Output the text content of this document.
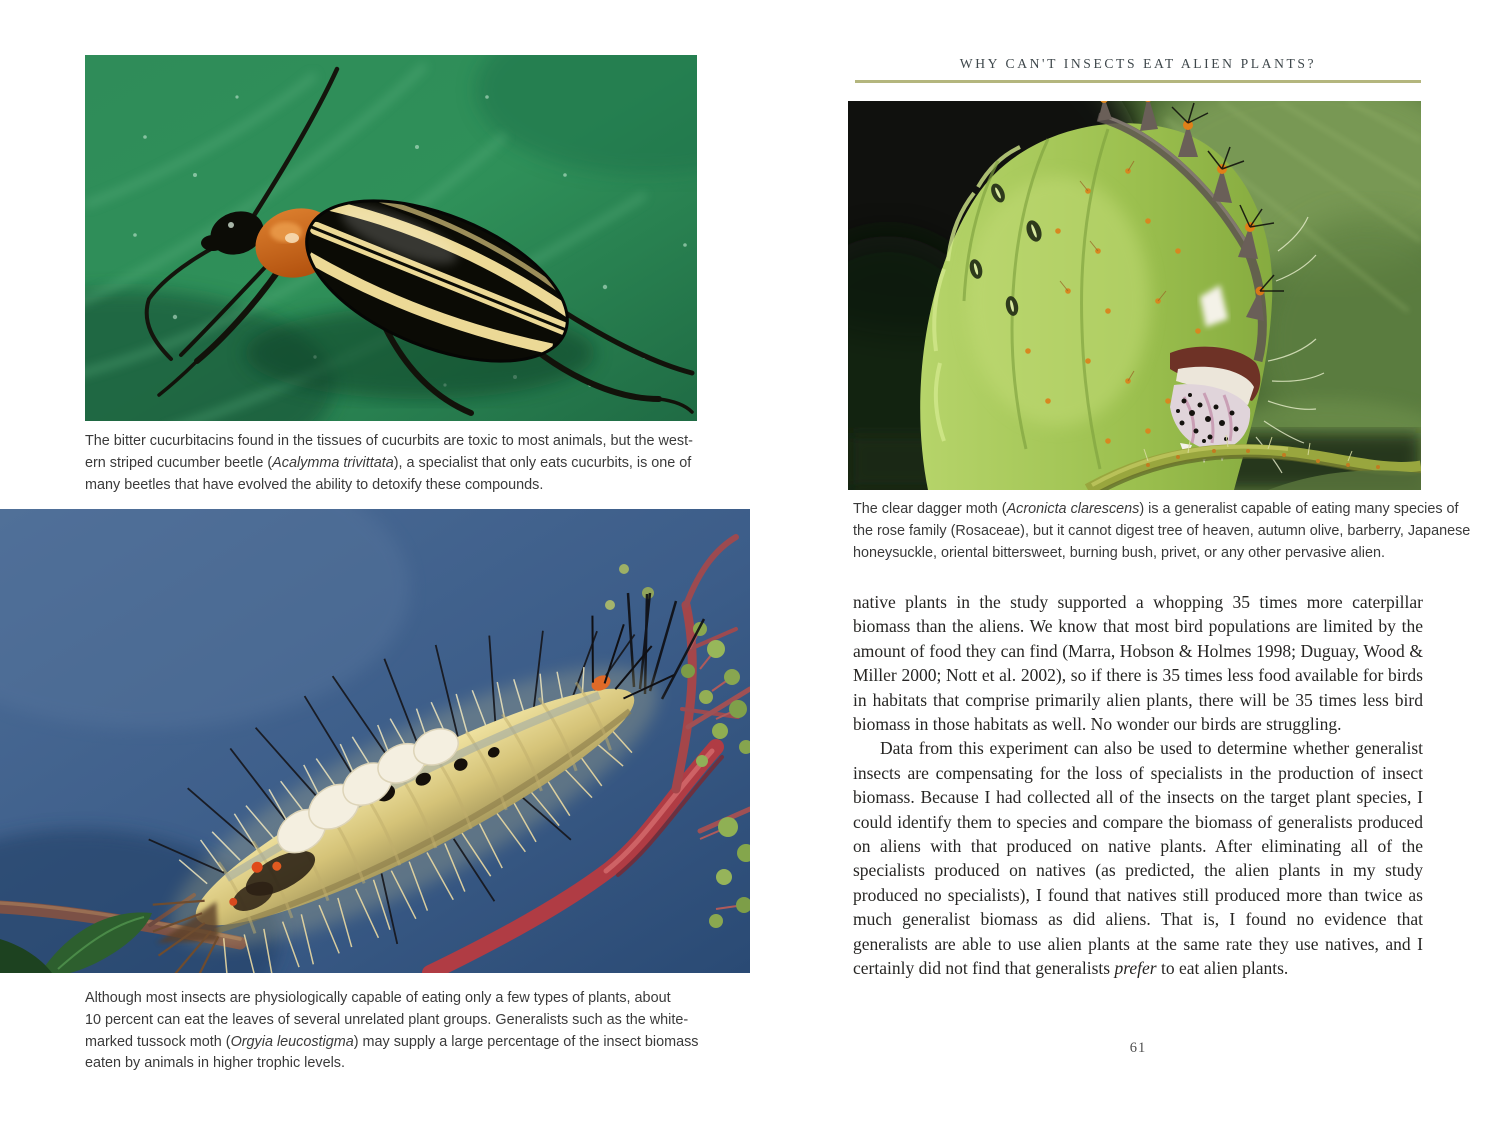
The bitter cucurbitacins found in the tissues of cucurbits are toxic to most animals, but the west-
ern striped cucumber beetle (Acalymma trivittata), a specialist that only eats cucurbits, is one of
many beetles that have evolved the ability to detoxify these compounds.
Although most insects are physiologically capable of eating only a few types of plants, about
10 percent can eat the leaves of several unrelated plant groups. Generalists such as the white-
marked tussock moth (Orgyia leucostigma) may supply a large percentage of the insect biomass
eaten by animals in higher trophic levels.
WHY CAN'T INSECTS EAT ALIEN PLANTS?
The clear dagger moth (Acronicta clarescens) is a generalist capable of eating many species of
the rose family (Rosaceae), but it cannot digest tree of heaven, autumn olive, barberry, Japanese
honeysuckle, oriental bittersweet, burning bush, privet, or any other pervasive alien.

native plants in the study supported a whopping 35 times more caterpillar biomass than the aliens. We know that most bird populations are limited by the amount of food they can find (Marra, Hobson & Holmes 1998; Duguay, Wood & Miller 2000; Nott et al. 2002), so if there is 35 times less food available for birds in habitats that comprise primarily alien plants, there will be 35 times less bird biomass in those habitats as well. No wonder our birds are struggling.

Data from this experiment can also be used to determine whether generalist insects are compensating for the loss of specialists in the production of insect biomass. Because I had collected all of the insects on the target plant species, I could identify them to species and compare the biomass of generalists produced on aliens with that produced on native plants. After eliminating all of the specialists produced on natives (as predicted, the alien plants in my study produced no specialists), I found that natives still produced more than twice as much generalist biomass as did aliens. That is, I found no evidence that generalists are able to use alien plants at the same rate they use natives, and I certainly did not find that generalists prefer to eat alien plants.

61
